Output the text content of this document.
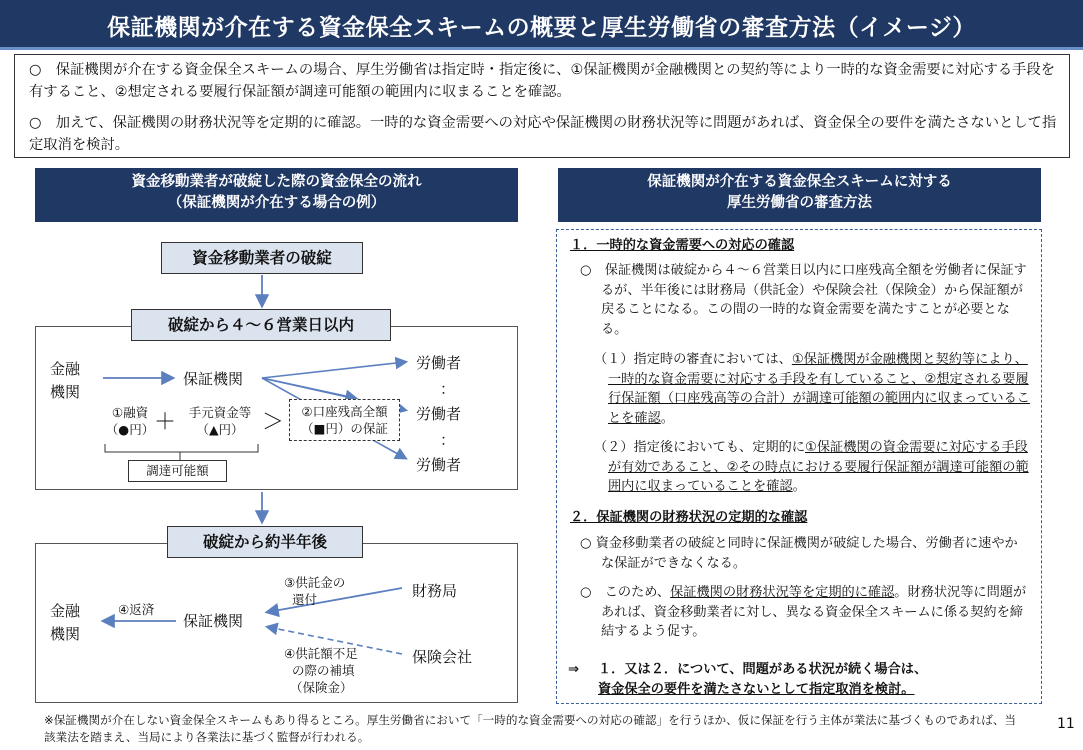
保証機関が介在する資金保全スキームの概要と厚生労働省の審査方法（イメージ）

○　保証機関が介在する資金保全スキームの場合、厚生労働省は指定時・指定後に、①保証機関が金融機関との契約等により一時的な資金需要に対応する手段を有すること、②想定される要履行保証額が調達可能額の範囲内に収まることを確認。

○　加えて、保証機関の財務状況等を定期的に確認。一時的な資金需要への対応や保証機関の財務状況等に問題があれば、資金保全の要件を満たさないとして指定取消を検討。

資金移動業者が破綻した際の資金保全の流れ
（保証機関が介在する場合の例）
保証機関が介在する資金保全スキームに対する
厚生労働省の審査方法
資金移動業者の破綻
破綻から４～６営業日以内
破綻から約半年後
金融
機関
保証機関
労働者
：
労働者
：
労働者
①融資
（●円） ＋	手元資金等
（▲円） ＞	②口座残高全額
（■円）の保証
調達可能額
金融
機関
保証機関
財務局
保険会社
④返済
③供託金の
還付
④供託額不足
の際の補填
（保険金）
１．一時的な資金需要への対応の確認
○　保証機関は破綻から４～６営業日以内に口座残高全額を労働者に保証するが、半年後には財務局（供託金）や保険会社（保険金）から保証額が戻ることになる。この間の一時的な資金需要を満たすことが必要となる。
（１）指定時の審査においては、①保証機関が金融機関と契約等により、一時的な資金需要に対応する手段を有していること、②想定される要履行保証額（口座残高等の合計）が調達可能額の範囲内に収まっていることを確認。
（２）指定後においても、定期的に①保証機関の資金需要に対応する手段が有効であること、②その時点における要履行保証額が調達可能額の範囲内に収まっていることを確認。
２．保証機関の財務状況の定期的な確認
○ 資金移動業者の破綻と同時に保証機関が破綻した場合、労働者に速やかな保証ができなくなる。
○　このため、保証機関の財務状況等を定期的に確認。財務状況等に問題があれば、資金移動業者に対し、異なる資金保全スキームに係る契約を締結するよう促す。
⇒ １．又は２．について、問題がある状況が続く場合は、
資金保全の要件を満たさないとして指定取消を検討。
※保証機関が介在しない資金保全スキームもあり得るところ。厚生労働省において「一時的な資金需要への対応の確認」を行うほか、仮に保証を行う主体が業法に基づくものであれば、当該業法を踏まえ、当局により各業法に基づく監督が行われる。
11
